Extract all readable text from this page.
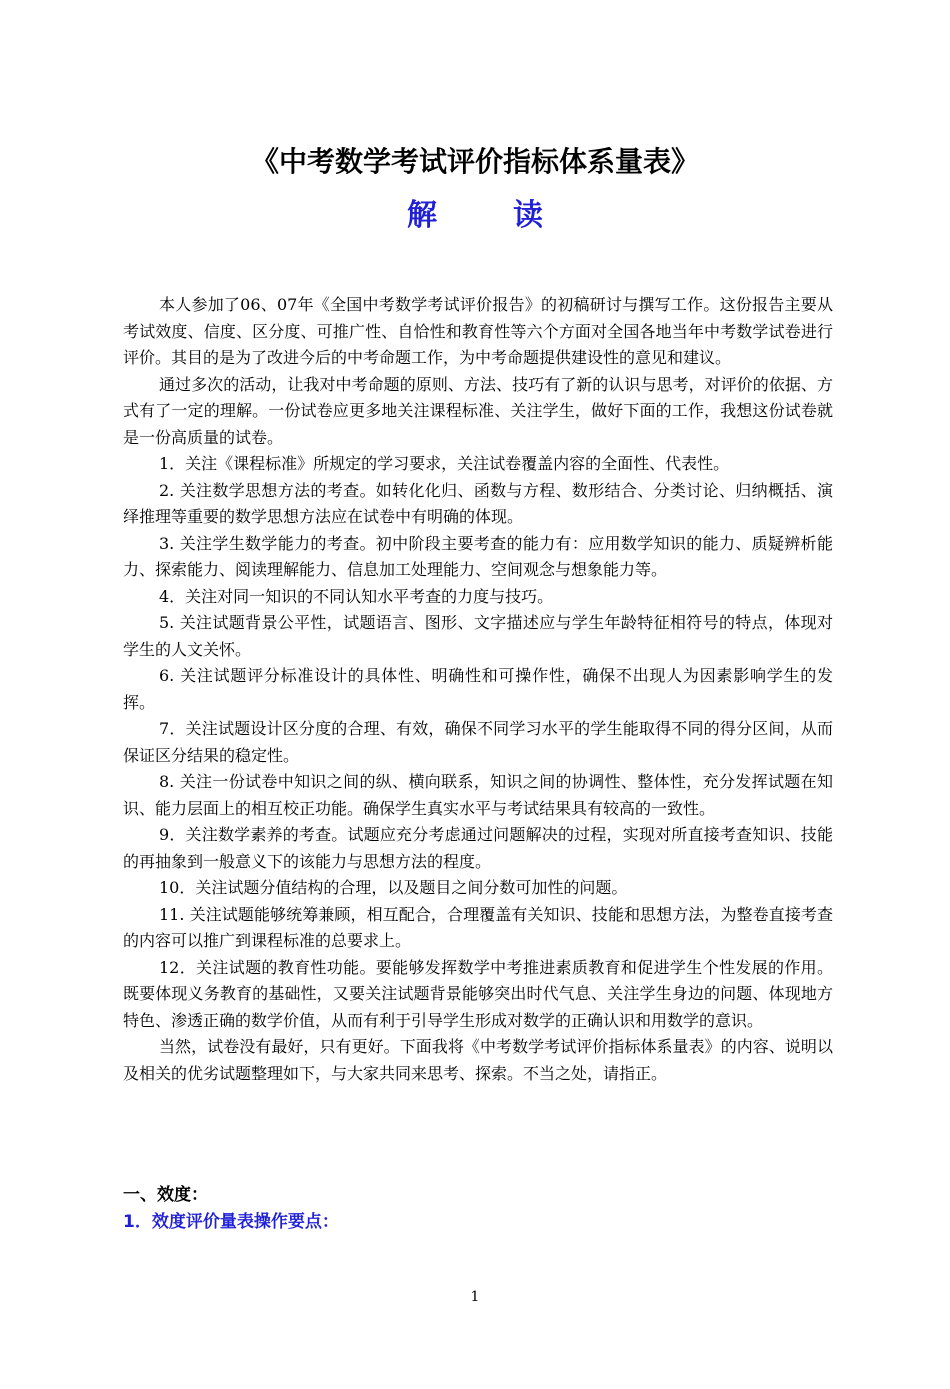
《中考数学考试评价指标体系量表》
解	读

本人参加了06、07年《全国中考数学考试评价报告》的初稿研讨与撰写工作。这份报告主要从考试效度、信度、区分度、可推广性、自恰性和教育性等六个方面对全国各地当年中考数学试卷进行评价。其目的是为了改进今后的中考命题工作，为中考命题提供建设性的意见和建议。

通过多次的活动，让我对中考命题的原则、方法、技巧有了新的认识与思考，对评价的依据、方式有了一定的理解。一份试卷应更多地关注课程标准、关注学生，做好下面的工作，我想这份试卷就是一份高质量的试卷。

1．关注《课程标准》所规定的学习要求，关注试卷覆盖内容的全面性、代表性。

2. 关注数学思想方法的考查。如转化化归、函数与方程、数形结合、分类讨论、归纳概括、演绎推理等重要的数学思想方法应在试卷中有明确的体现。

3. 关注学生数学能力的考查。初中阶段主要考查的能力有：应用数学知识的能力、质疑辨析能力、探索能力、阅读理解能力、信息加工处理能力、空间观念与想象能力等。

4．关注对同一知识的不同认知水平考查的力度与技巧。

5. 关注试题背景公平性，试题语言、图形、文字描述应与学生年龄特征相符号的特点，体现对学生的人文关怀。

6. 关注试题评分标准设计的具体性、明确性和可操作性，确保不出现人为因素影响学生的发挥。

7．关注试题设计区分度的合理、有效，确保不同学习水平的学生能取得不同的得分区间，从而保证区分结果的稳定性。

8. 关注一份试卷中知识之间的纵、横向联系，知识之间的协调性、整体性，充分发挥试题在知识、能力层面上的相互校正功能。确保学生真实水平与考试结果具有较高的一致性。

9．关注数学素养的考查。试题应充分考虑通过问题解决的过程，实现对所直接考查知识、技能的再抽象到一般意义下的该能力与思想方法的程度。

10．关注试题分值结构的合理，以及题目之间分数可加性的问题。

11. 关注试题能够统筹兼顾，相互配合，合理覆盖有关知识、技能和思想方法，为整卷直接考查的内容可以推广到课程标准的总要求上。

12．关注试题的教育性功能。要能够发挥数学中考推进素质教育和促进学生个性发展的作用。既要体现义务教育的基础性，又要关注试题背景能够突出时代气息、关注学生身边的问题、体现地方特色、渗透正确的数学价值，从而有利于引导学生形成对数学的正确认识和用数学的意识。

当然，试卷没有最好，只有更好。下面我将《中考数学考试评价指标体系量表》的内容、说明以及相关的优劣试题整理如下，与大家共同来思考、探索。不当之处，请指正。

一、效度：
1．效度评价量表操作要点：
1
